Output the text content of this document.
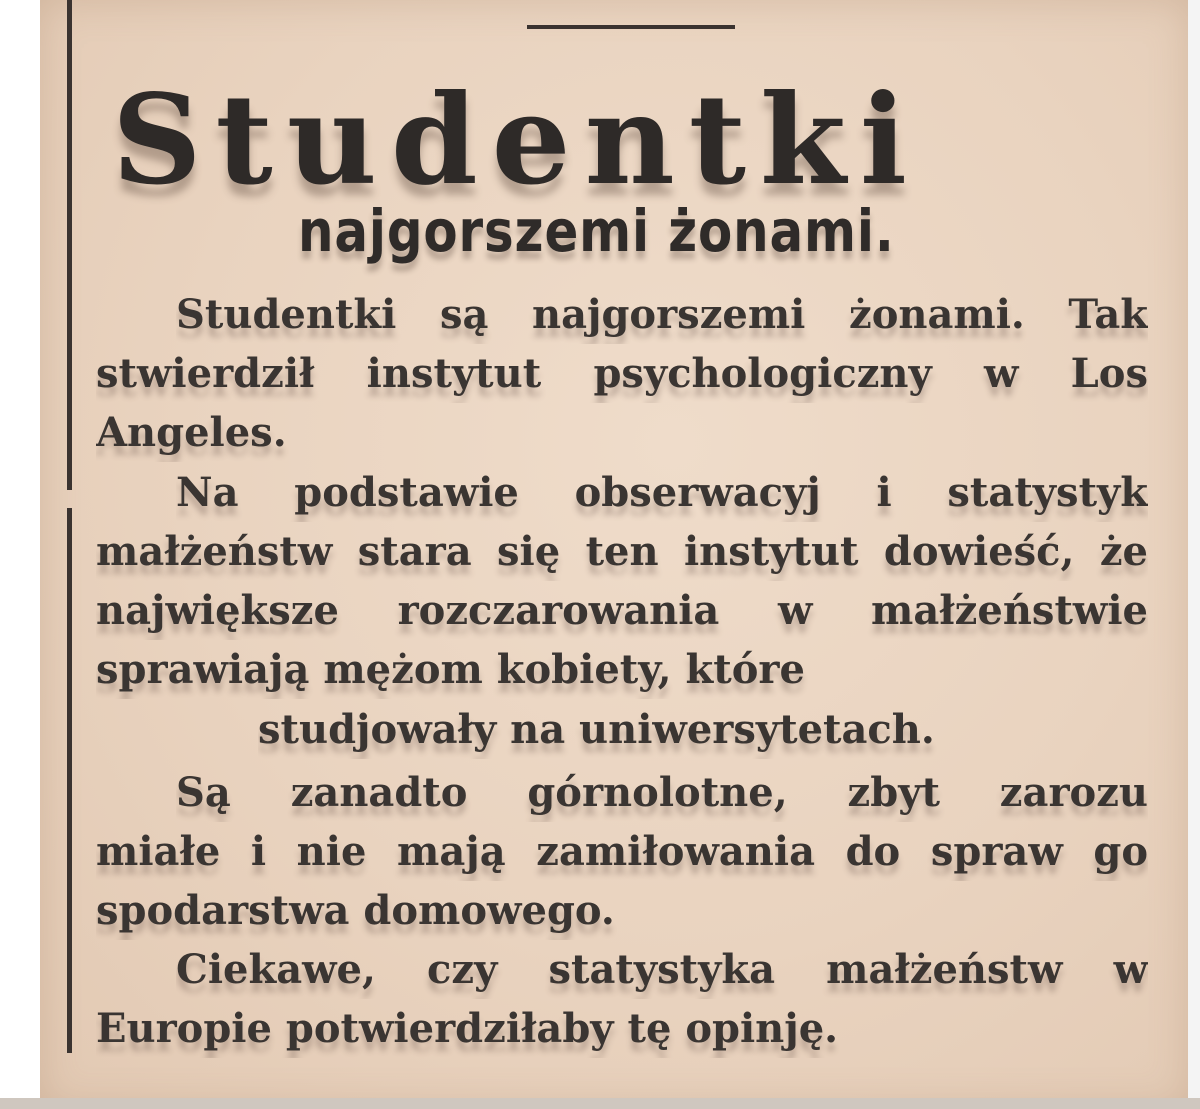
Studentki
najgorszemi żonami.

Studentki są najgorszemi żonami. Tak

stwierdził instytut psychologiczny w Los

Angeles.

Na podstawie obserwacyj i statystyk

małżeństw stara się ten instytut dowieść, że

największe rozczarowania w małżeństwie

sprawiają mężom kobiety, które

studjowały na uniwersytetach.

Są zanadto górnolotne, zbyt zarozu

miałe i nie mają zamiłowania do spraw go

spodarstwa domowego.

Ciekawe, czy statystyka małżeństw w

Europie potwierdziłaby tę opinję.
